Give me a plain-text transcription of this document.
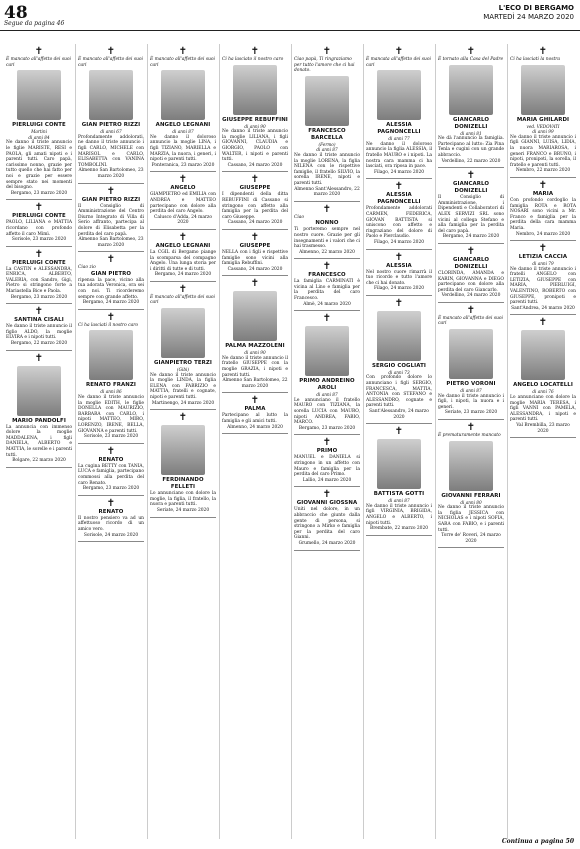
48	L'ECO DI BERGAMO
MARTEDÌ 24 MARZO 2020
Segue da pagina 46
✝
È mancato all'affetto dei suoi cari
PIERLUIGI CONTE
Martini
di anni 84
Ne danno il triste annuncio le figlie MARISTE, RESI e PAOLA, gli amati nipoti e i parenti tutti. Caro papà, carissimo nonno, grazie per tutto quello che hai fatto per noi e grazie per essere sempre stato nei momenti del bisogno.
Bergamo, 23 marzo 2020
✝
PIERLUIGI CONTE
PAOLO, LILIANA e MATTIA ricordano con profondo affetto il caro Mimì.
Sorisole, 23 marzo 2020
✝
PIERLUIGI CONTE
La CASTIN e ALESSANDRA, ENRICA, ALBERTO, VALERIA, con Sandro, Gigi, Pietro si stringono forte a Mariastella Bice e Paola.
Bergamo, 23 marzo 2020
✝
SANTINA CISALI
Ne danno il triste annuncio il figlio ALDO, la moglie ELVIRA e i nipoti tutti.
Bergamo, 22 marzo 2020
✝
MARIO PANDOLFI
La annuncia con immenso dolore la moglie MADDALENA, i figli DANIELA, ALBERTO e MATTIA, le sorelle e i parenti tutti.
Bolgare, 22 marzo 2020
✝
È mancato all'affetto dei suoi cari
GIAN PIETRO RIZZI
di anni 67
Profondamente addolorati, ne danno il triste annuncio i figli CARLO, MICHELE con MARISOL e CARLO, ELISABETTA con VANINA TOMBOLINI.
Almenno San Bartolomeo, 23 marzo 2020
✝
GIAN PIETRO RIZZI
Il Consiglio di Amministrazione del Centro Diurno Integrato di Villa di Serio affranto, partecipa al dolore di Elisabetta per la perdita del caro papà.
Almenno San Bartolomeo, 23 marzo 2020
✝
Ciao zio
GIAN PIETRO
ripensa la pace, vicino alla tua adorata Veronica, ora sei con noi. Ti ricorderemo sempre con grande affetto.
Bergamo, 24 marzo 2020
✝
Ci ha lasciati il nostro caro
RENATO FRANZI
di anni 86
Ne danno il triste annuncio la moglie EDITH, le figlie DONELLA con MAURIZIO, BARBARA con CARLO, i nipoti MATTEO, MIRO, LORENZO, IRENE, BELLA, GIOVANNA e parenti tutti.
Sorisole, 23 marzo 2020
✝
RENATO
La cugina BETTY con TANIA, LUCA e famiglia, partecipano commossi alla perdita del caro Renato.
Bergamo, 23 marzo 2020
✝
RENATO
Il nostro pensiero va ad un affettuoso ricordo di un amico vero.
Sorisole, 24 marzo 2020
✝
È mancato all'affetto dei suoi cari
ANGELO LEGNANI
di anni 87
Ne danno il doloroso annuncio la moglie LINA, i figli TIZIANO, MARIELLA e MARZIA, la nuora, i generi, i nipoti e parenti tutti.
Ponteranica, 23 marzo 2020
✝
ANGELO
GIAMPIETRO ed EMILIA con ANDREA e MATTEO partecipano con dolore alla perdita del caro Angelo.
Calusco d'Adda, 24 marzo 2020
✝
ANGELO LEGNANI
La CGIL di Bergamo piange la scomparsa del compagno Angelo. Una lunga storia per i diritti di tutte e di tutti.
Bergamo, 24 marzo 2020
✝
È mancato all'affetto dei suoi cari
GIANPIETRO TERZI
(Gibi)
Ne danno il triste annuncio la moglie LINDA, la figlia ELENA con FABRIZIO e MATTIA, fratelli e cognate, nipoti e parenti tutti.
Martinengo, 24 marzo 2020
✝
FERDINANDO FELLETI
Lo annunciano con dolore la moglie, la figlia, il fratello, la nuora e parenti tutti.
Seriate, 24 marzo 2020
✝
Ci ha lasciato il nostro caro
GIUSEPPE REBUFFINI
di anni 90
Ne danno il triste annuncio la moglie LILIANA, i figli GIOVANNI, CLAUDIA e GIORGIO, PAOLO con WALTER, i nipoti e parenti tutti.
Cassano, 24 marzo 2020
✝
GIUSEPPE
I dipendenti della ditta REBUFFINI di Cassano si stringono con affetto alla famiglia per la perdita del caro Giuseppe.
Cassano, 24 marzo 2020
✝
GIUSEPPE
NELLA con i figli e rispettive famiglie sono vicini alla famiglia Rebuffini.
Cassano, 24 marzo 2020
✝
PALMA MAZZOLENI
di anni 90
Ne danno il triste annuncio il fratello GIUSEPPE con la moglie GRAZIA, i nipoti e parenti tutti.
Almenno San Bartolomeo, 22 marzo 2020
✝
PALMA
Partecipano al lutto la famiglia e gli amici tutti.
Almenno, 24 marzo 2020
✝
Ciao papà, Ti ringraziamo per tutto l'amore che ci hai donato.
FRANCESCO BARCELLA
(Fermo)
di anni 87
Ne danno il triste annuncio la moglie LORENA, la figlia NILENA con le rispettive famiglie, il fratello SILVIO, la sorella IRENE, nipoti e parenti tutti.
Almenno Sant'Alessandro, 22 marzo 2020
✝
Ciao
NONNO
Ti porteremo sempre nel nostro cuore. Grazie per gli insegnamenti e i valori che ci hai trasmesso.
Almenno, 22 marzo 2020
✝
FRANCESCO
La famiglia CARMINATI è vicina al Lino e famiglia per la perdita del caro Francesco.
Almè, 24 marzo 2020
✝
PRIMO ANDREINO AROLI
di anni 87
Le annunciano il fratello MAURO con TIZIANA, la sorella LUCIA con MAURO, nipoti ANDREA, FABIO, MARCO.
Bergamo, 23 marzo 2020
✝
PRIMO
MANUEL e DANIELA si stringono in un affetto con Mauro e famiglia per la perdita del caro Primo.
Lallio, 24 marzo 2020
✝
GIOVANNI GIOSSNA
Uniti nel dolore, in un abbraccio che giunto dalla gente di persona, si stringono a Mirko e famiglia per la perdita del caro Gianni.
Grumello, 24 marzo 2020
✝
È mancata all'affetto dei suoi cari
ALESSIA PAGNONCELLI
di anni 77
Ne danno il doloroso annuncio la figlia ALESSIA, il fratello MAURO e i nipoti. La nostra cara mamma ci ha lasciati, ora riposa in pace.
Filago, 24 marzo 2020
✝
ALESSIA PAGNONCELLI
Profondamente addolorati CARMEN, FEDERICA, GIOVAN BATTISTA si uniscono con affetto e ringraziano del dolore di Paolo e Pierclaudio.
Filago, 24 marzo 2020
✝
ALESSIA
Nel nostro cuore rimarrà il tuo ricordo e tutto l'amore che ci hai donato.
Filago, 24 marzo 2020
✝
SERGIO COGLIATI
di anni 73
Con profondo dolore lo annunciano i figli SERGIO, FRANCESCA, MATTIA, ANTONIA con STEFANO e ALESSANDRO, cognate e parenti tutti.
Sant'Alessandro, 24 marzo 2020
✝
BATTISTA GOTTI
di anni 87
Ne danno il triste annuncio i figli VIRGINIA, BRIGIDA, ANGELO e ALBERTO, i nipoti tutti.
Brembate, 22 marzo 2020
✝
È tornato alla Casa del Padre
GIANCARLO DONIZELLI
di anni 81
Ne dà l'annuncio la famiglia. Partecipano al lutto: Zia Pina Tenla e cugini con un grande abbraccio.
Verdellino, 22 marzo 2020
✝
GIANCARLO DONIZELLI
Il Consiglio di Amministrazione, i Dipendenti e Collaboratori di ALEX SERVIZI SRL sono vicini al collega Stefano e alla famiglia per la perdita del caro papà.
Bergamo, 24 marzo 2020
✝
GIANCARLO DONIZELLI
CLORINDA, AMANDA e KARIN, GIOVANNA e DIEGO partecipano con dolore alla perdita del caro Giancarlo.
Verdellino, 24 marzo 2020
✝
È mancato all'affetto dei suoi cari
PIETRO VORONI
di anni 87
Ne danno il triste annuncio i figli, i nipoti, la nuora e i generi.
Seriate, 23 marzo 2020
✝
È prematuramente mancato
GIOVANNI FERRARI
di anni 80
Ne danno il triste annuncio la figlia JESSICA con NICHOLAS e i nipoti SOFIA, SARA con FABIO, e i parenti tutti.
Torre de' Roveri, 24 marzo 2020
✝
Ci ha lasciati la nostra
MARIA GHILARDI
ved. VEDOVATI
di anni 99
Ne danno il triste annuncio i figli GIANNI, LUISA, LIDIA, la nuora MARIAROSA, i generi FRANCO e BRUNO, i nipoti, pronipoti, la sorella, il fratello e parenti tutti.
Nembro, 22 marzo 2020
✝
MARIA
Con profondo cordoglio la famiglia ROTA e ROTA NOSARI sono vicini a Mr. Franco e famiglia per la perdita della cara mamma Maria.
Nembro, 24 marzo 2020
✝
LETIZIA CACCIA
di anni 79
Ne danno il triste annuncio i fratelli ANGELO con LETIZIA, GIUSEPPE con MARIA, PIERLUIGI, VALENTINO, ROBERTO con GIUSEPPE, pronipoti e parenti tutti.
Sant'Andrea, 24 marzo 2020
✝
ANGELO LOCATELLI
di anni 76
Lo annunciano con dolore la moglie MARIA TERESA, i figli VANNI con PAMELA, ALESSANDRA, i nipoti e parenti tutti.
Val Brembilla, 23 marzo 2020
Continua a pagina 50
